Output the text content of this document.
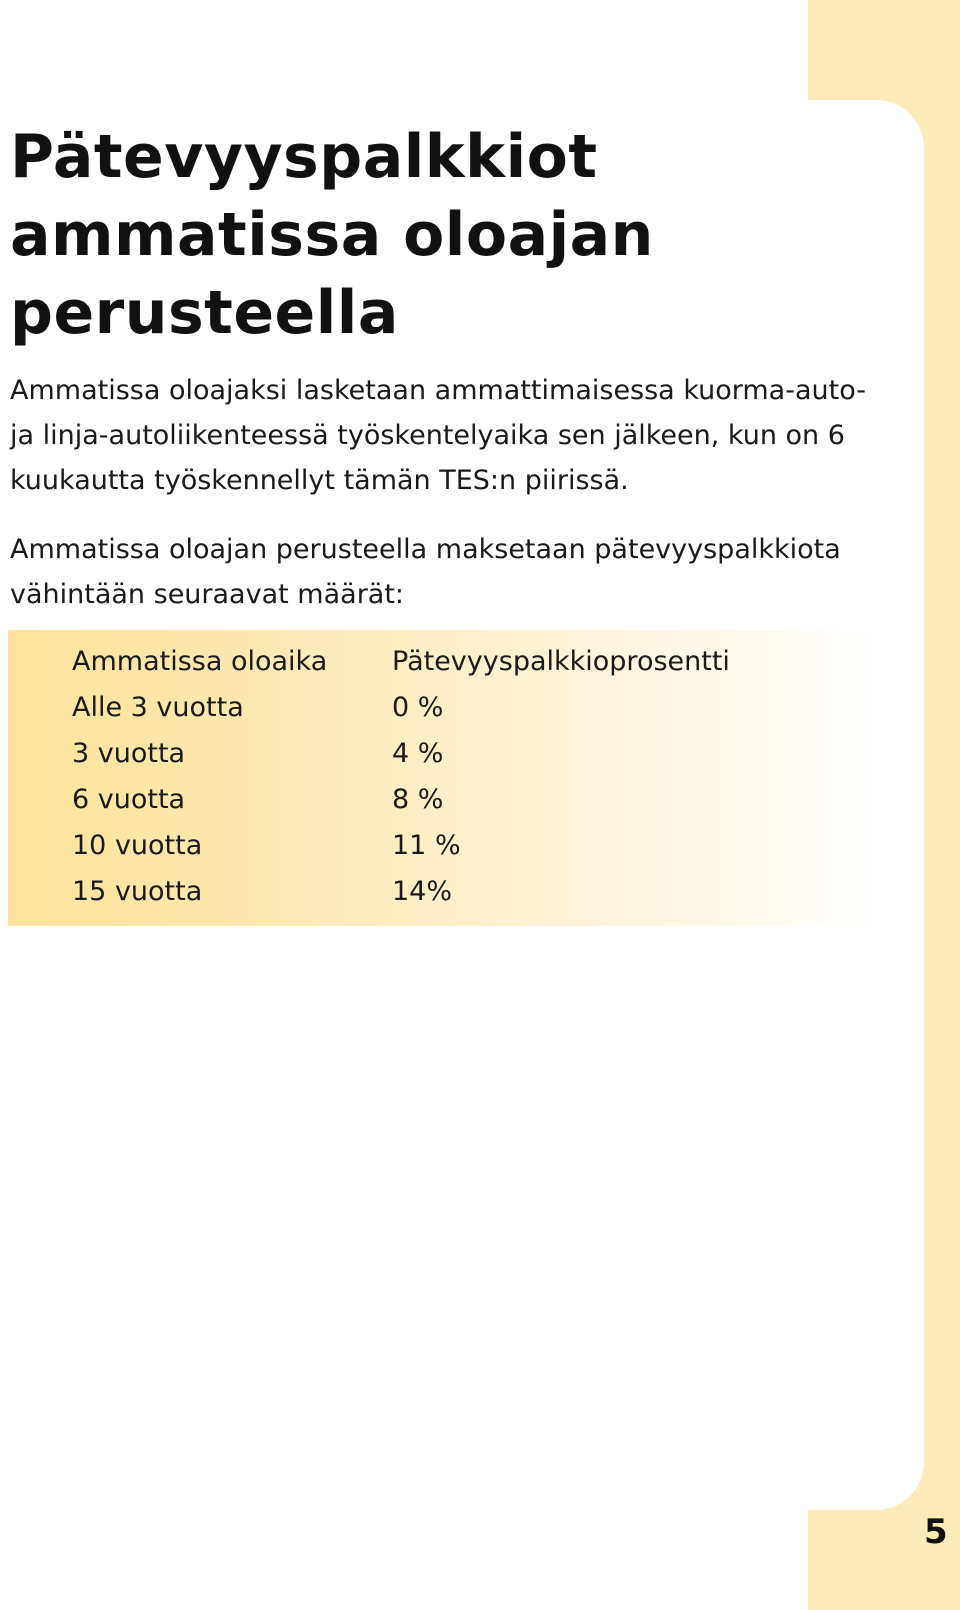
Pätevyyspalkkiot
ammatissa oloajan
perusteella

Ammatissa oloajaksi lasketaan ammattimaisessa kuorma-auto- ja linja-autoliikenteessä työskentelyaika sen jälkeen, kun on 6 kuukautta työskennellyt tämän TES:n piirissä.

Ammatissa oloajan perusteella maksetaan pätevyyspalkkiota vähintään seuraavat määrät:

Ammatissa oloaika	Pätevyyspalkkioprosentti
Alle 3 vuotta	0 %
3 vuotta	4 %
6 vuotta	8 %
10 vuotta	11 %
15 vuotta	14%
5
